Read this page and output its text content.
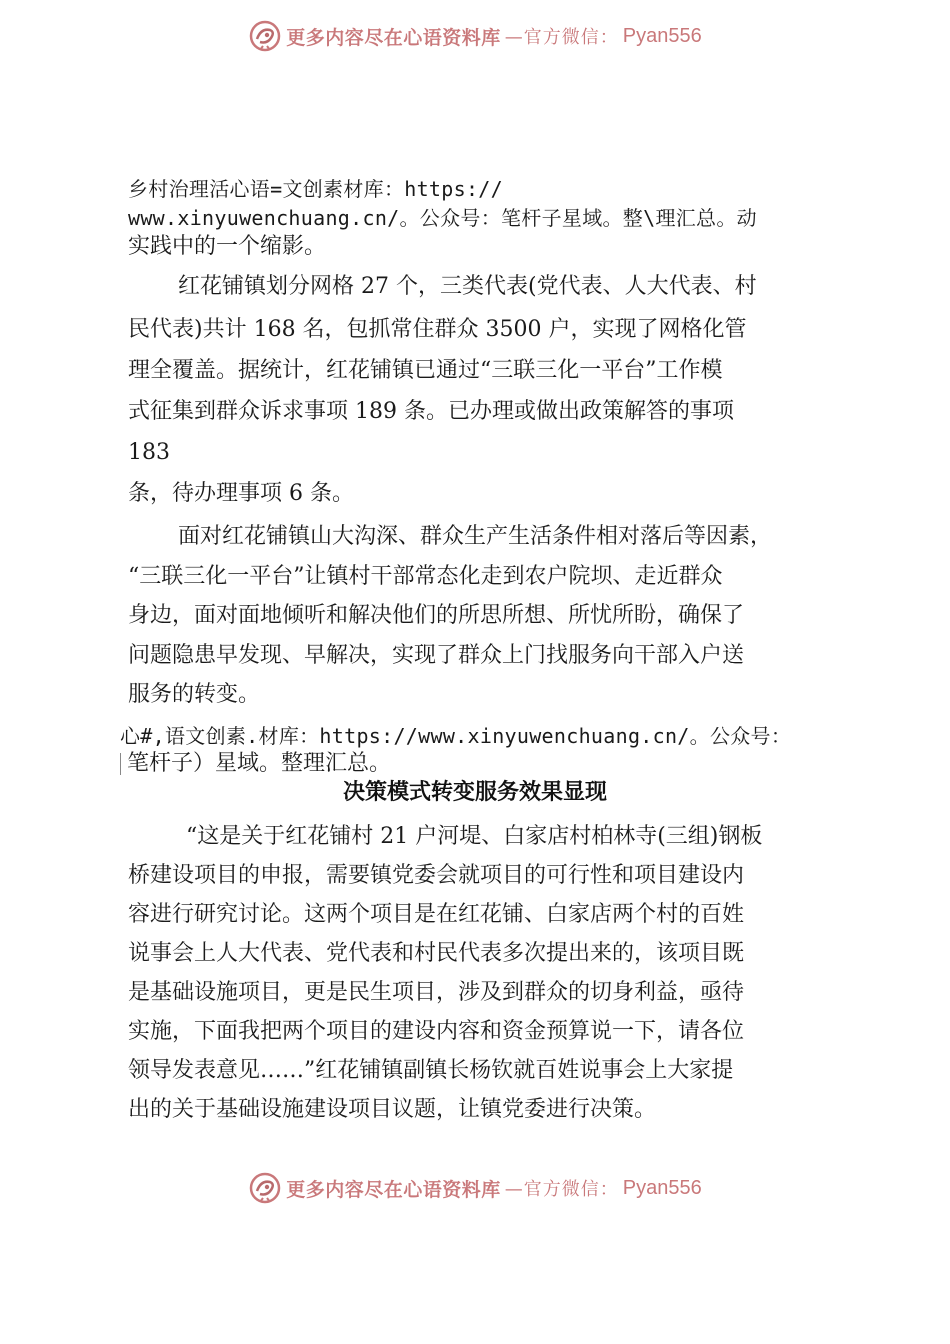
更多内容尽在心语资料库 —官方微信： Pyan556
乡村治理活心语=文创素材库：https://
www.xinyuwenchuang.cn/。公众号：笔杆子星域。整\理汇总。动
实践中的一个缩影。
红花铺镇划分网格 27 个，三类代表(党代表、人大代表、村
民代表)共计 168 名，包抓常住群众 3500 户，实现了网格化管
理全覆盖。据统计，红花铺镇已通过“三联三化一平台”工作模
式征集到群众诉求事项 189 条。已办理或做出政策解答的事项
183
条，待办理事项 6 条。
面对红花铺镇山大沟深、群众生产生活条件相对落后等因素，
“三联三化一平台”让镇村干部常态化走到农户院坝、走近群众
身边，面对面地倾听和解决他们的所思所想、所忧所盼，确保了
问题隐患早发现、早解决，实现了群众上门找服务向干部入户送
服务的转变。
心#,语文创素.材库：https://www.xinyuwenchuang.cn/。公众号：
笔杆子）星域。整理汇总。
决策模式转变服务效果显现
“这是关于红花铺村 21 户河堤、白家店村柏林寺(三组)钢板
桥建设项目的申报，需要镇党委会就项目的可行性和项目建设内
容进行研究讨论。这两个项目是在红花铺、白家店两个村的百姓
说事会上人大代表、党代表和村民代表多次提出来的，该项目既
是基础设施项目，更是民生项目，涉及到群众的切身利益，亟待
实施，下面我把两个项目的建设内容和资金预算说一下，请各位
领导发表意见……”红花铺镇副镇长杨钦就百姓说事会上大家提
出的关于基础设施建设项目议题，让镇党委进行决策。
更多内容尽在心语资料库 —官方微信： Pyan556
